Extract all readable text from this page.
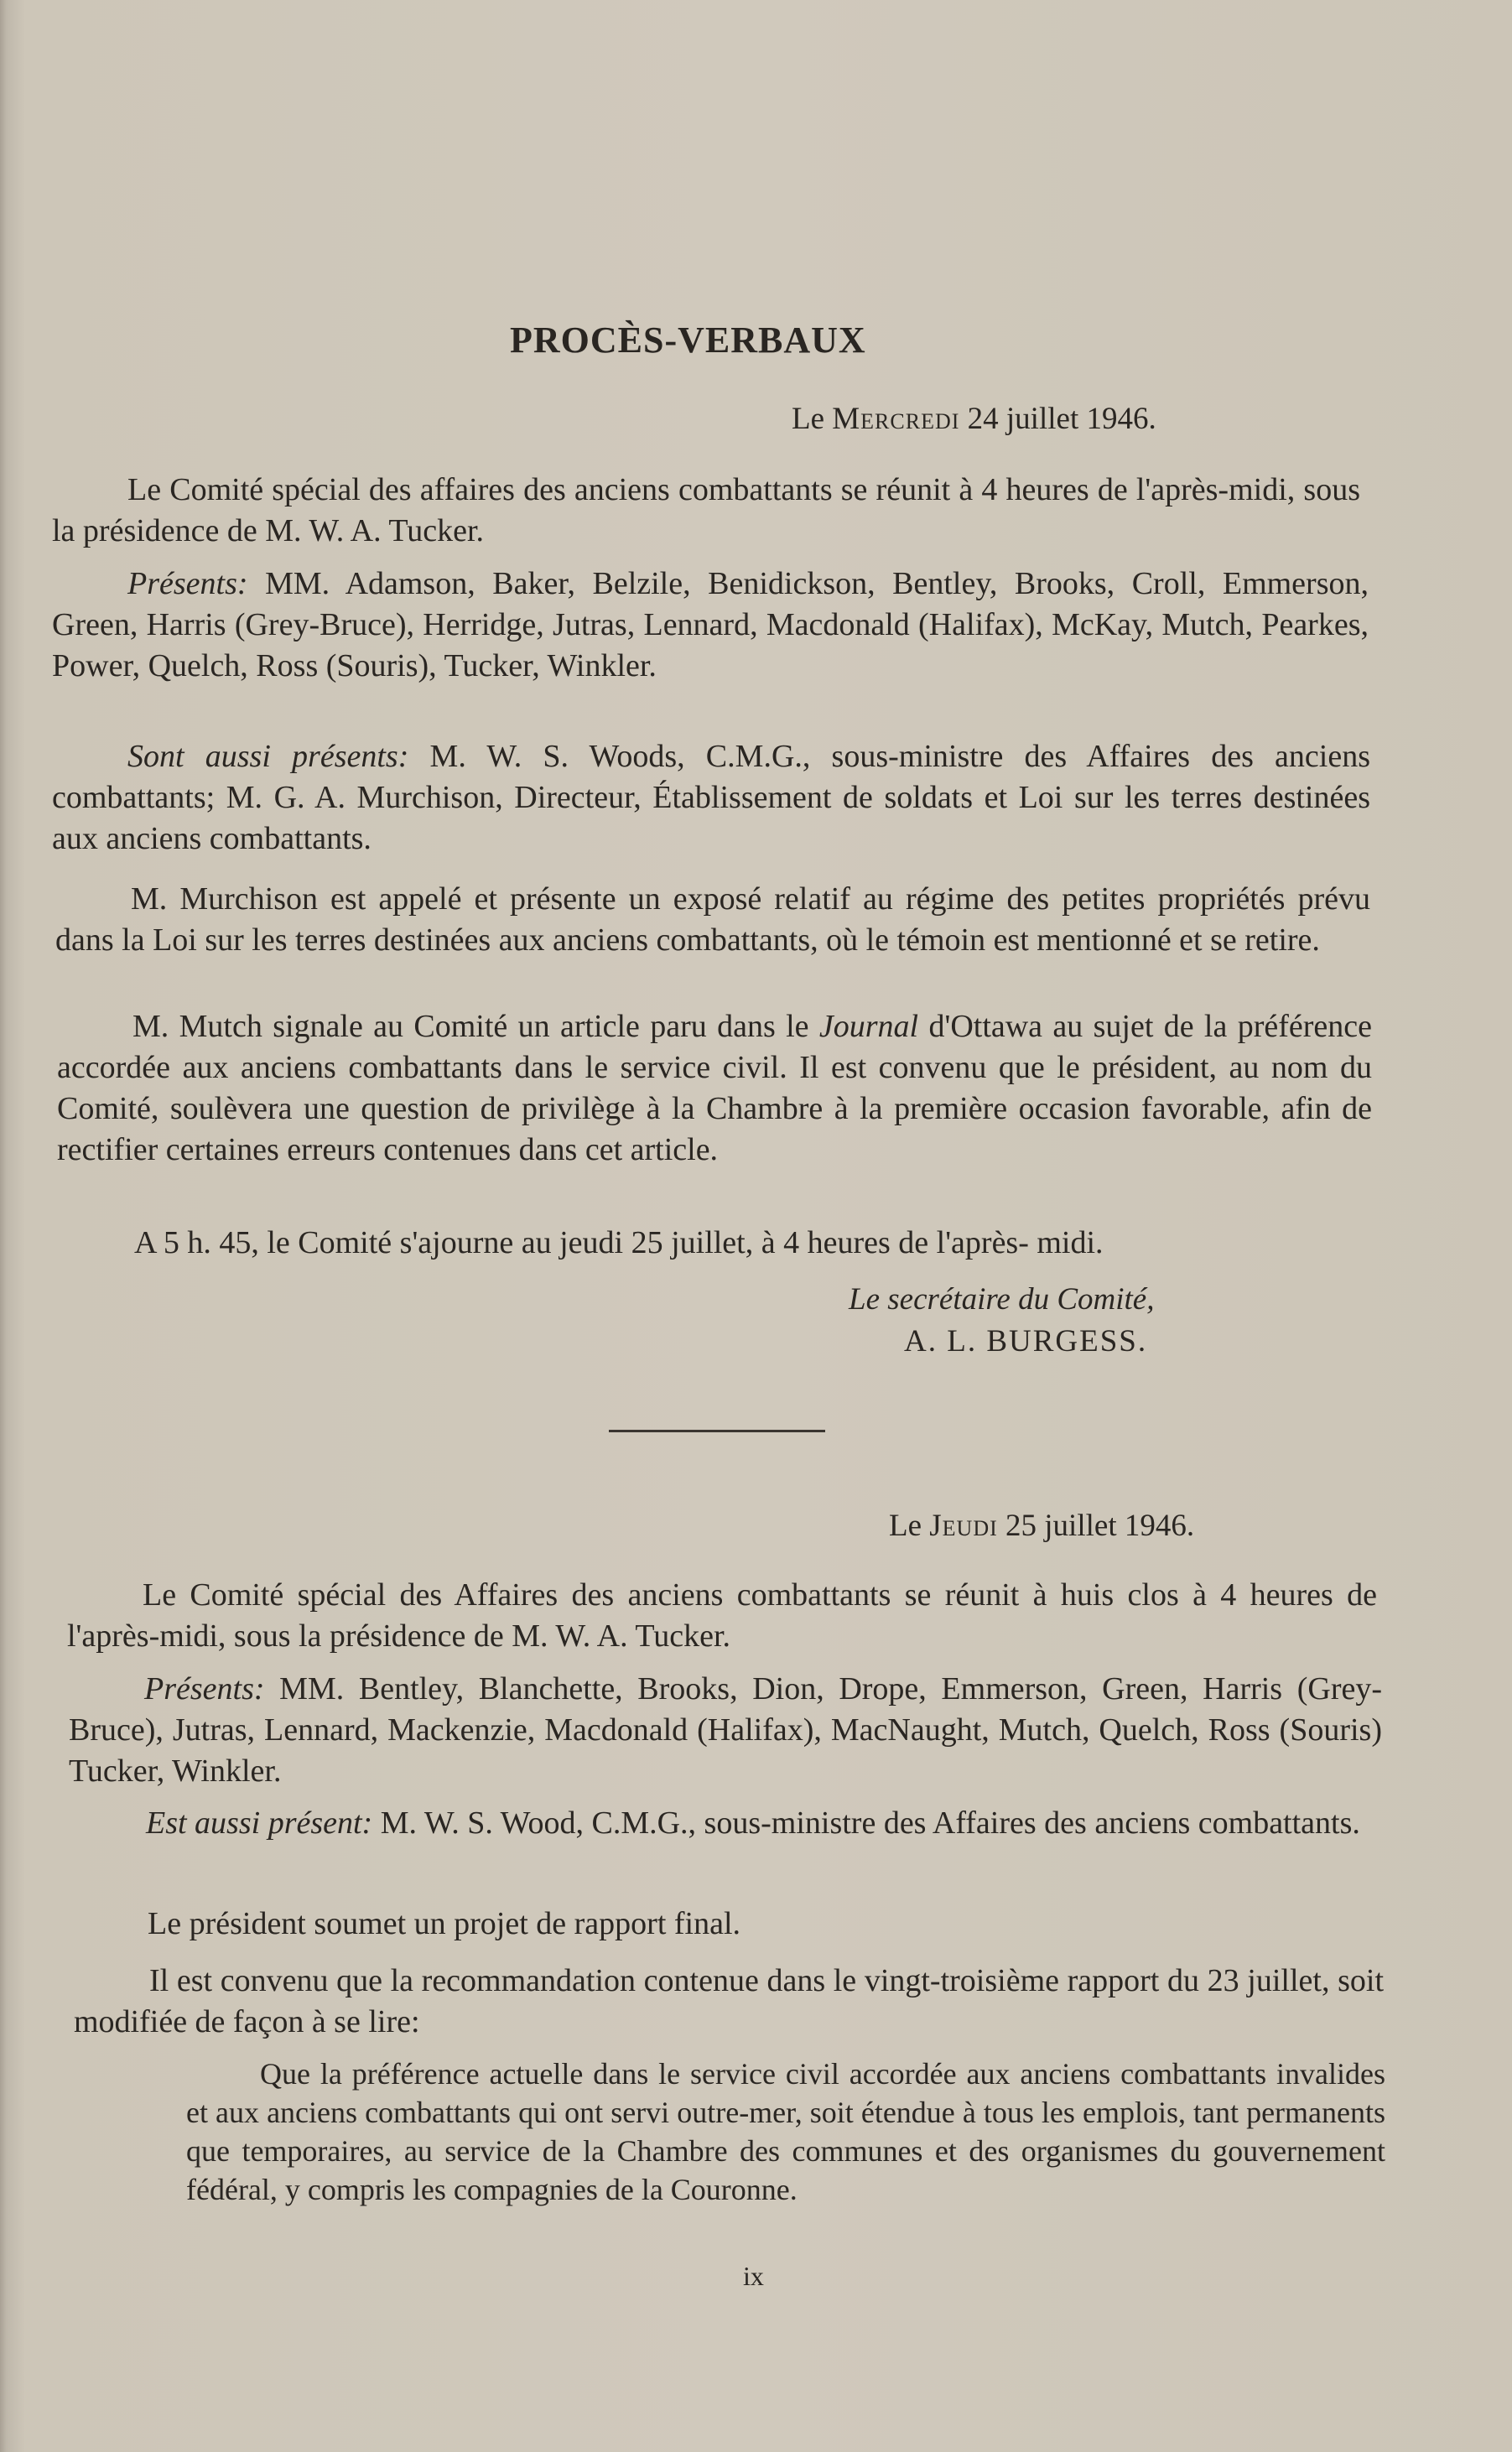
PROCÈS-VERBAUX
Le Mercredi 24 juillet 1946.
Le Comité spécial des affaires des anciens combattants se réunit à 4 heures de l'après-midi, sous la présidence de M. W. A. Tucker.
Présents: MM. Adamson, Baker, Belzile, Benidickson, Bentley, Brooks, Croll, Emmerson, Green, Harris (Grey-Bruce), Herridge, Jutras, Lennard, Macdonald (Halifax), McKay, Mutch, Pearkes, Power, Quelch, Ross (Souris), Tucker, Winkler.
Sont aussi présents: M. W. S. Woods, C.M.G., sous-ministre des Affaires des anciens combattants; M. G. A. Murchison, Directeur, Établissement de soldats et Loi sur les terres destinées aux anciens combattants.
M. Murchison est appelé et présente un exposé relatif au régime des petites propriétés prévu dans la Loi sur les terres destinées aux anciens combattants, où le témoin est mentionné et se retire.
M. Mutch signale au Comité un article paru dans le Journal d'Ottawa au sujet de la préférence accordée aux anciens combattants dans le service civil. Il est convenu que le président, au nom du Comité, soulèvera une question de privilège à la Chambre à la première occasion favorable, afin de rectifier certaines erreurs contenues dans cet article.
A 5 h. 45, le Comité s'ajourne au jeudi 25 juillet, à 4 heures de l'après- midi.
Le secrétaire du Comité,
A. L. BURGESS.
Le Jeudi 25 juillet 1946.
Le Comité spécial des Affaires des anciens combattants se réunit à huis clos à 4 heures de l'après-midi, sous la présidence de M. W. A. Tucker.
Présents: MM. Bentley, Blanchette, Brooks, Dion, Drope, Emmerson, Green, Harris (Grey-Bruce), Jutras, Lennard, Mackenzie, Macdonald (Halifax), MacNaught, Mutch, Quelch, Ross (Souris) Tucker, Winkler.
Est aussi présent: M. W. S. Wood, C.M.G., sous-ministre des Affaires des anciens combattants.
Le président soumet un projet de rapport final.
Il est convenu que la recommandation contenue dans le vingt-troisième rapport du 23 juillet, soit modifiée de façon à se lire:
Que la préférence actuelle dans le service civil accordée aux anciens combattants invalides et aux anciens combattants qui ont servi outre-mer, soit étendue à tous les emplois, tant permanents que temporaires, au service de la Chambre des communes et des organismes du gouvernement fédéral, y compris les compagnies de la Couronne.
ix
